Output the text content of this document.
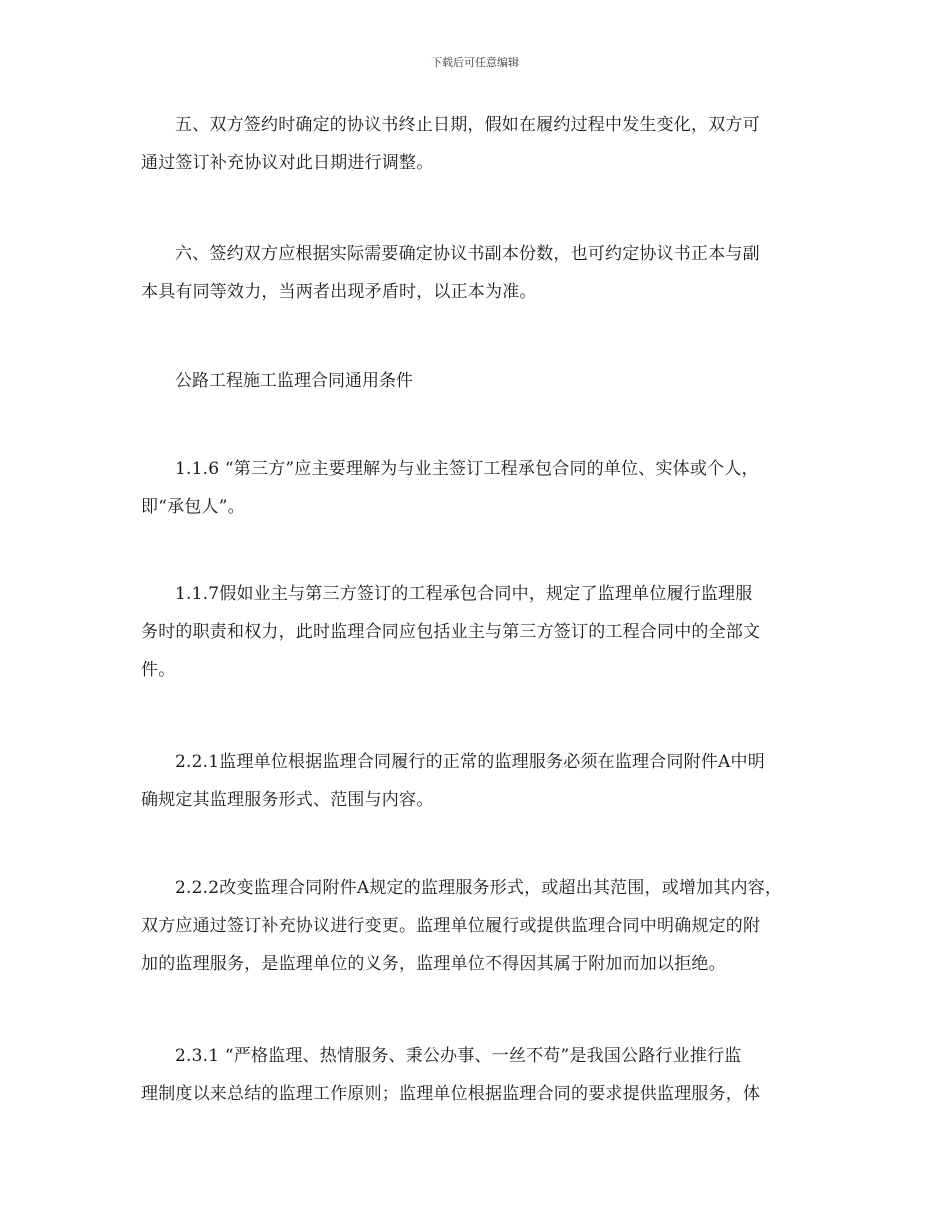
下载后可任意编辑
五、双方签约时确定的协议书终止日期，假如在履约过程中发生变化，双方可
通过签订补充协议对此日期进行调整。
六、签约双方应根据实际需要确定协议书副本份数，也可约定协议书正本与副
本具有同等效力，当两者出现矛盾时，以正本为准。
公路工程施工监理合同通用条件
1.1.6 “第三方”应主要理解为与业主签订工程承包合同的单位、实体或个人，
即“承包人”。
1.1.7假如业主与第三方签订的工程承包合同中，规定了监理单位履行监理服
务时的职责和权力，此时监理合同应包括业主与第三方签订的工程合同中的全部文
件。
2.2.1监理单位根据监理合同履行的正常的监理服务必须在监理合同附件A中明
确规定其监理服务形式、范围与内容。
2.2.2改变监理合同附件A规定的监理服务形式，或超出其范围，或增加其内容，
双方应通过签订补充协议进行变更。监理单位履行或提供监理合同中明确规定的附
加的监理服务，是监理单位的义务，监理单位不得因其属于附加而加以拒绝。
2.3.1 “严格监理、热情服务、秉公办事、一丝不苟”是我国公路行业推行监
理制度以来总结的监理工作原则；监理单位根据监理合同的要求提供监理服务，体
